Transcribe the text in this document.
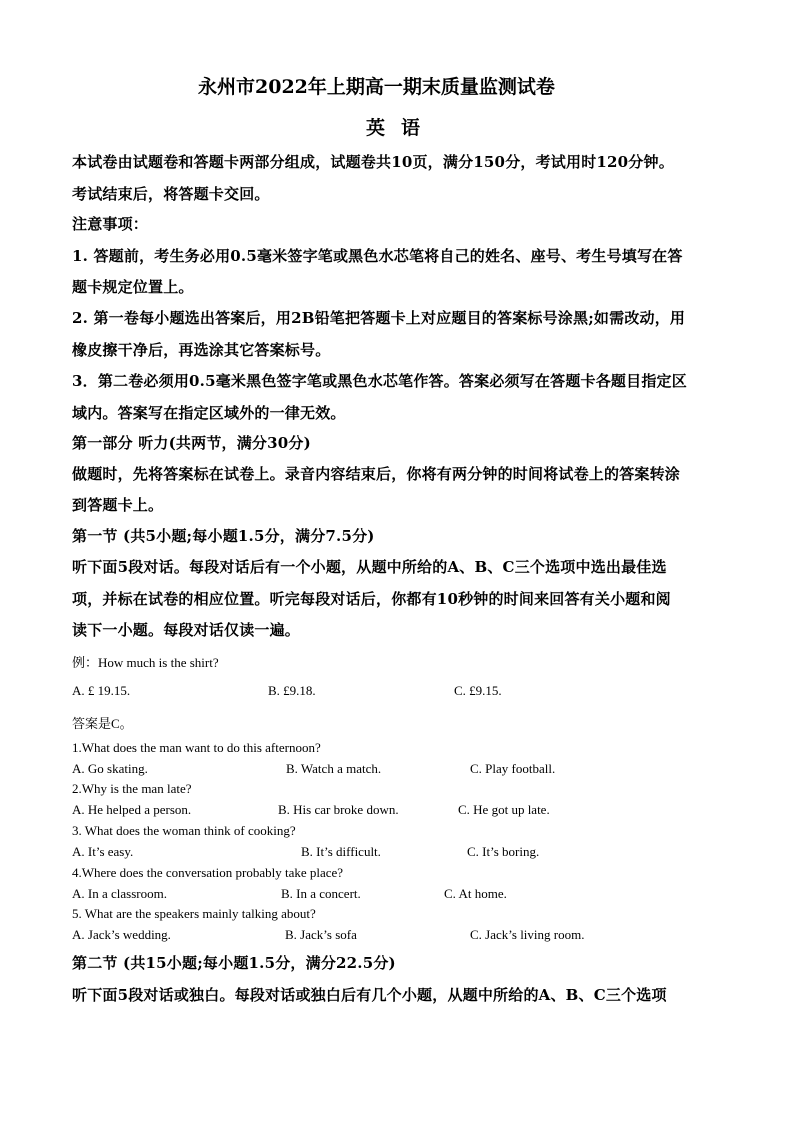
永州市2022年上期高一期末质量监测试卷
英语
本试卷由试题卷和答题卡两部分组成，试题卷共10页，满分150分，考试用时120分钟。
考试结束后，将答题卡交回。
注意事项：
1. 答题前，考生务必用0.5毫米签字笔或黑色水芯笔将自己的姓名、座号、考生号填写在答
题卡规定位置上。
2. 第一卷每小题选出答案后，用2B铅笔把答题卡上对应题目的答案标号涂黑;如需改动，用
橡皮擦干净后，再选涂其它答案标号。
3．第二卷必须用0.5毫米黑色签字笔或黑色水芯笔作答。答案必须写在答题卡各题目指定区
域内。答案写在指定区域外的一律无效。
第一部分 听力(共两节，满分30分)
做题时，先将答案标在试卷上。录音内容结束后，你将有两分钟的时间将试卷上的答案转涂
到答题卡上。
第一节 (共5小题;每小题1.5分，满分7.5分)
听下面5段对话。每段对话后有一个小题，从题中所给的A、B、C三个选项中选出最佳选
项，并标在试卷的相应位置。听完每段对话后，你都有10秒钟的时间来回答有关小题和阅
读下一小题。每段对话仅读一遍。
例：How much is the shirt?
A. £ 19.15.	B. £9.18.	C. £9.15.
答案是C。
1.What does the man want to do this afternoon?
A. Go skating.	B. Watch a match.	C. Play football.
2.Why is the man late?
A. He helped a person.	B. His car broke down.	C. He got up late.
3. What does the woman think of cooking?
A. It’s easy.	B. It’s difficult.	C. It’s boring.
4.Where does the conversation probably take place?
A. In a classroom.	B. In a concert.	C. At home.
5. What are the speakers mainly talking about?
A. Jack’s wedding.	B. Jack’s sofa	C. Jack’s living room.
第二节 (共15小题;每小题1.5分，满分22.5分)
听下面5段对话或独白。每段对话或独白后有几个小题，从题中所给的A、B、C三个选项
